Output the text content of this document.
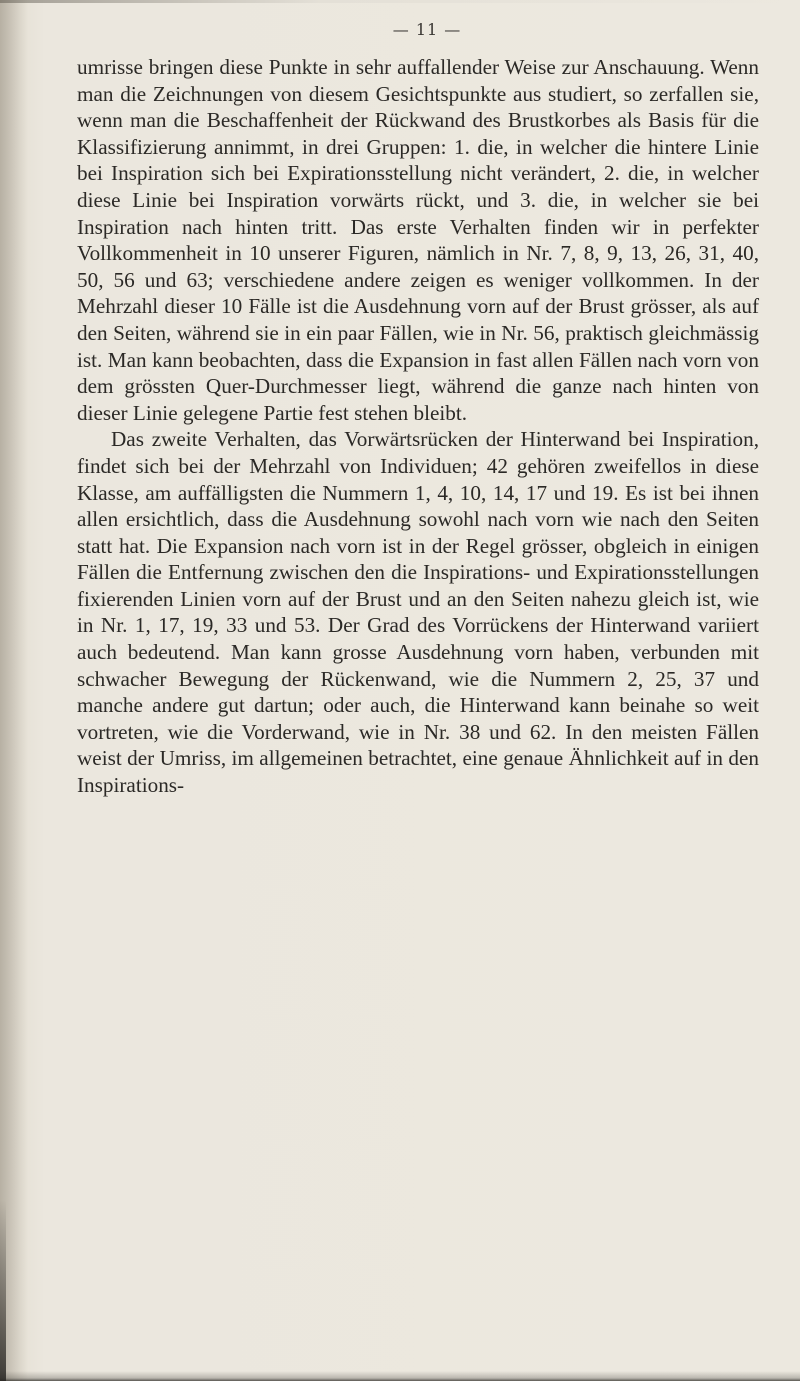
— 11 —

umrisse bringen diese Punkte in sehr auffallender Weise zur Anschauung. Wenn man die Zeichnungen von diesem Gesichtspunkte aus studiert, so zerfallen sie, wenn man die Beschaffenheit der Rückwand des Brustkorbes als Basis für die Klassifizierung annimmt, in drei Gruppen: 1. die, in welcher die hintere Linie bei Inspiration sich bei Expirationsstellung nicht verändert, 2. die, in welcher diese Linie bei Inspiration vorwärts rückt, und 3. die, in welcher sie bei Inspiration nach hinten tritt. Das erste Verhalten finden wir in perfekter Vollkommenheit in 10 unserer Figuren, nämlich in Nr. 7, 8, 9, 13, 26, 31, 40, 50, 56 und 63; verschiedene andere zeigen es weniger vollkommen. In der Mehrzahl dieser 10 Fälle ist die Ausdehnung vorn auf der Brust grösser, als auf den Seiten, während sie in ein paar Fällen, wie in Nr. 56, praktisch gleichmässig ist. Man kann beobachten, dass die Expansion in fast allen Fällen nach vorn von dem grössten Quer-Durchmesser liegt, während die ganze nach hinten von dieser Linie gelegene Partie fest stehen bleibt.

Das zweite Verhalten, das Vorwärtsrücken der Hinterwand bei Inspiration, findet sich bei der Mehrzahl von Individuen; 42 gehören zweifellos in diese Klasse, am auffälligsten die Nummern 1, 4, 10, 14, 17 und 19. Es ist bei ihnen allen ersichtlich, dass die Ausdehnung sowohl nach vorn wie nach den Seiten statt hat. Die Expansion nach vorn ist in der Regel grösser, obgleich in einigen Fällen die Entfernung zwischen den die Inspirations- und Expirationsstellungen fixierenden Linien vorn auf der Brust und an den Seiten nahezu gleich ist, wie in Nr. 1, 17, 19, 33 und 53. Der Grad des Vorrückens der Hinterwand variiert auch bedeutend. Man kann grosse Ausdehnung vorn haben, verbunden mit schwacher Bewegung der Rückenwand, wie die Nummern 2, 25, 37 und manche andere gut dartun; oder auch, die Hinterwand kann beinahe so weit vortreten, wie die Vorderwand, wie in Nr. 38 und 62. In den meisten Fällen weist der Umriss, im allgemeinen betrachtet, eine genaue Ähnlichkeit auf in den Inspirations-
